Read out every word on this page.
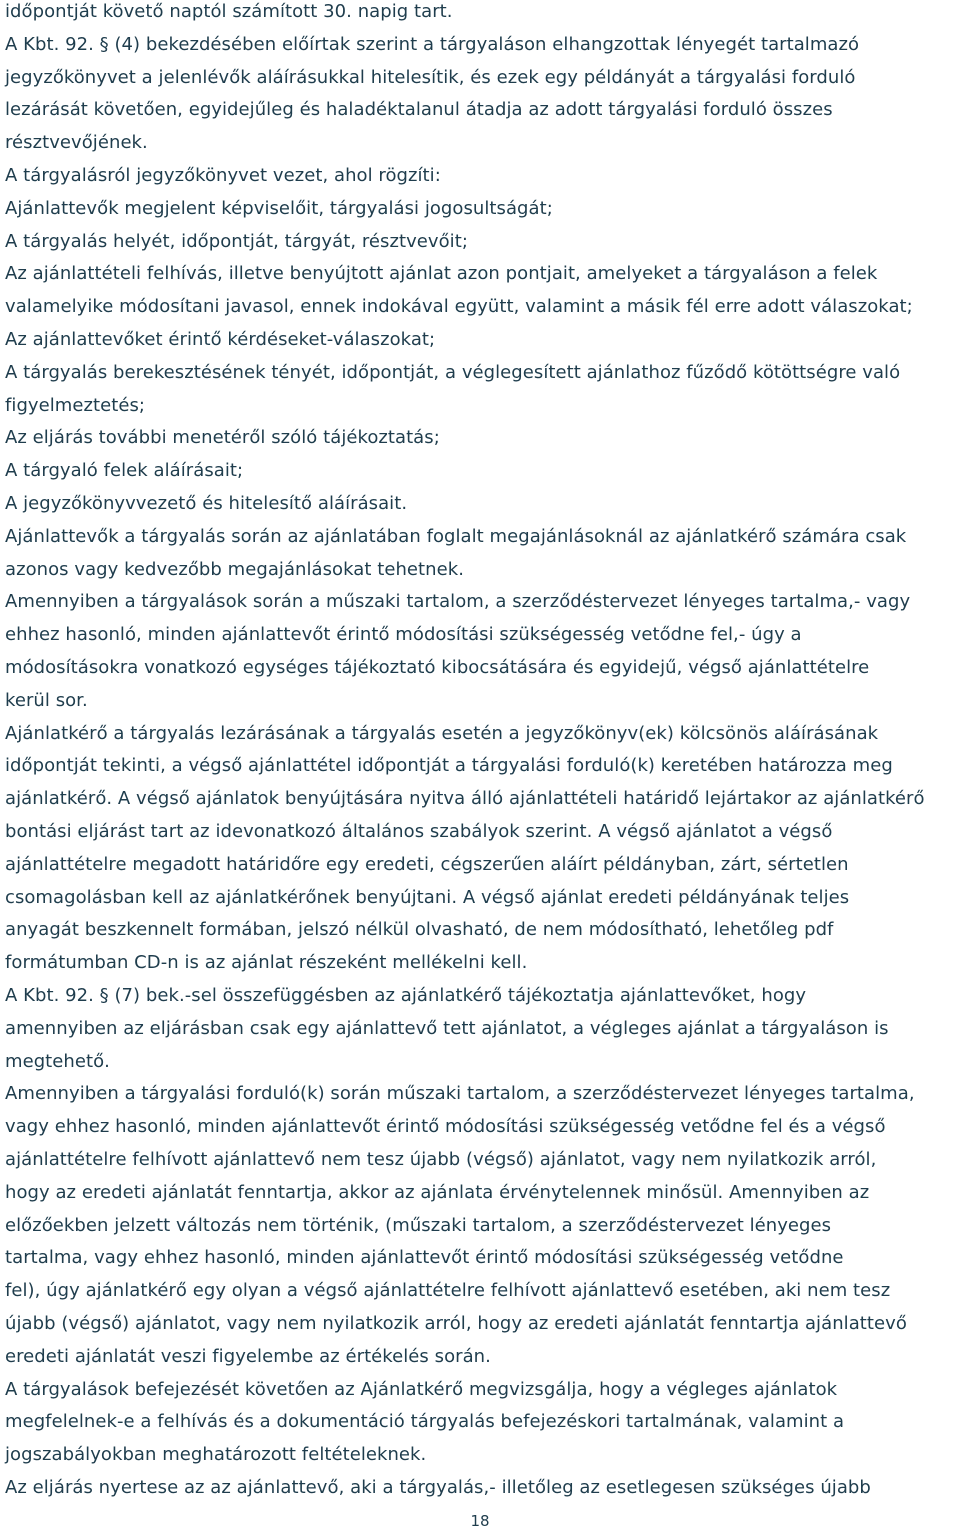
időpontját követő naptól számított 30. napig tart.
A Kbt. 92. § (4) bekezdésében előírtak szerint a tárgyaláson elhangzottak lényegét tartalmazó
jegyzőkönyvet a jelenlévők aláírásukkal hitelesítik, és ezek egy példányát a tárgyalási forduló
lezárását követően, egyidejűleg és haladéktalanul átadja az adott tárgyalási forduló összes
résztvevőjének.
A tárgyalásról jegyzőkönyvet vezet, ahol rögzíti:
Ajánlattevők megjelent képviselőit, tárgyalási jogosultságát;
A tárgyalás helyét, időpontját, tárgyát, résztvevőit;
Az ajánlattételi felhívás, illetve benyújtott ajánlat azon pontjait, amelyeket a tárgyaláson a felek
valamelyike módosítani javasol, ennek indokával együtt, valamint a másik fél erre adott válaszokat;
Az ajánlattevőket érintő kérdéseket-válaszokat;
A tárgyalás berekesztésének tényét, időpontját, a véglegesített ajánlathoz fűződő kötöttségre való
figyelmeztetés;
Az eljárás további menetéről szóló tájékoztatás;
A tárgyaló felek aláírásait;
A jegyzőkönyvvezető és hitelesítő aláírásait.
Ajánlattevők a tárgyalás során az ajánlatában foglalt megajánlásoknál az ajánlatkérő számára csak
azonos vagy kedvezőbb megajánlásokat tehetnek.
Amennyiben a tárgyalások során a műszaki tartalom, a szerződéstervezet lényeges tartalma,- vagy
ehhez hasonló, minden ajánlattevőt érintő módosítási szükségesség vetődne fel,- úgy a
módosításokra vonatkozó egységes tájékoztató kibocsátására és egyidejű, végső ajánlattételre
kerül sor.
Ajánlatkérő a tárgyalás lezárásának a tárgyalás esetén a jegyzőkönyv(ek) kölcsönös aláírásának
időpontját tekinti, a végső ajánlattétel időpontját a tárgyalási forduló(k) keretében határozza meg
ajánlatkérő. A végső ajánlatok benyújtására nyitva álló ajánlattételi határidő lejártakor az ajánlatkérő
bontási eljárást tart az idevonatkozó általános szabályok szerint. A végső ajánlatot a végső
ajánlattételre megadott határidőre egy eredeti, cégszerűen aláírt példányban, zárt, sértetlen
csomagolásban kell az ajánlatkérőnek benyújtani. A végső ajánlat eredeti példányának teljes
anyagát beszkennelt formában, jelszó nélkül olvasható, de nem módosítható, lehetőleg pdf
formátumban CD-n is az ajánlat részeként mellékelni kell.
A Kbt. 92. § (7) bek.-sel összefüggésben az ajánlatkérő tájékoztatja ajánlattevőket, hogy
amennyiben az eljárásban csak egy ajánlattevő tett ajánlatot, a végleges ajánlat a tárgyaláson is
megtehető.
Amennyiben a tárgyalási forduló(k) során műszaki tartalom, a szerződéstervezet lényeges tartalma,
vagy ehhez hasonló, minden ajánlattevőt érintő módosítási szükségesség vetődne fel és a végső
ajánlattételre felhívott ajánlattevő nem tesz újabb (végső) ajánlatot, vagy nem nyilatkozik arról,
hogy az eredeti ajánlatát fenntartja, akkor az ajánlata érvénytelennek minősül. Amennyiben az
előzőekben jelzett változás nem történik, (műszaki tartalom, a szerződéstervezet lényeges
tartalma, vagy ehhez hasonló, minden ajánlattevőt érintő módosítási szükségesség vetődne
fel), úgy ajánlatkérő egy olyan a végső ajánlattételre felhívott ajánlattevő esetében, aki nem tesz
újabb (végső) ajánlatot, vagy nem nyilatkozik arról, hogy az eredeti ajánlatát fenntartja ajánlattevő
eredeti ajánlatát veszi figyelembe az értékelés során.
A tárgyalások befejezését követően az Ajánlatkérő megvizsgálja, hogy a végleges ajánlatok
megfelelnek-e a felhívás és a dokumentáció tárgyalás befejezéskori tartalmának, valamint a
jogszabályokban meghatározott feltételeknek.
Az eljárás nyertese az az ajánlattevő, aki a tárgyalás,- illetőleg az esetlegesen szükséges újabb
18
